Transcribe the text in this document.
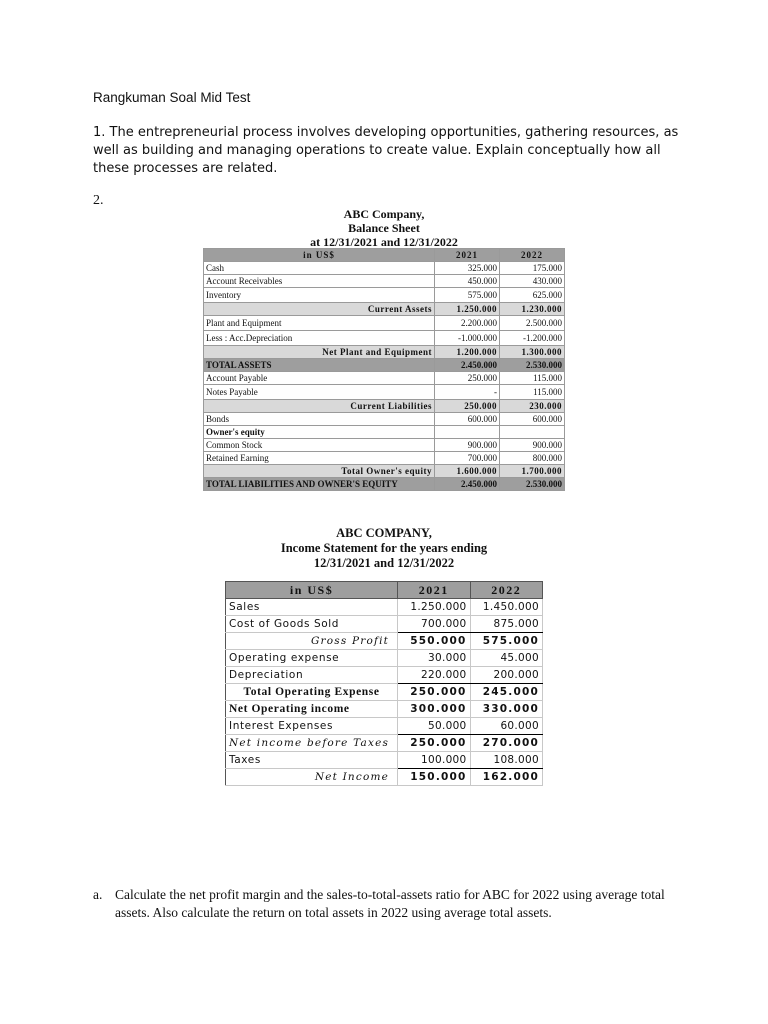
Rangkuman Soal Mid Test
1. The entrepreneurial process involves developing opportunities, gathering resources, as well as building and managing operations to create value. Explain conceptually how all these processes are related.
2.
ABC Company,
Balance Sheet
at 12/31/2021 and 12/31/2022
in US$	2021	2022
Cash	325.000	175.000
Account Receivables	450.000	430.000
Inventory	575.000	625.000
Current Assets	1.250.000	1.230.000
Plant and Equipment	2.200.000	2.500.000
Less : Acc.Depreciation	-1.000.000	-1.200.000
Net Plant and Equipment	1.200.000	1.300.000
TOTAL ASSETS	2.450.000	2.530.000
Account Payable	250.000	115.000
Notes Payable	-	115.000
Current Liabilities	250.000	230.000
Bonds	600.000	600.000
Owner's equity		
Common Stock	900.000	900.000
Retained Earning	700.000	800.000
Total Owner's equity	1.600.000	1.700.000
TOTAL LIABILITIES AND OWNER'S EQUITY	2.450.000	2.530.000
ABC COMPANY,
Income Statement for the years ending
12/31/2021 and 12/31/2022
in US$	2021	2022
Sales	1.250.000	1.450.000
Cost of Goods Sold	700.000	875.000
Gross Profit	550.000	575.000
Operating expense	30.000	45.000
Depreciation	220.000	200.000
Total Operating Expense	250.000	245.000
Net Operating income	300.000	330.000
Interest Expenses	50.000	60.000
Net income before Taxes	250.000	270.000
Taxes	100.000	108.000
Net Income	150.000	162.000
a. Calculate the net profit margin and the sales-to-total-assets ratio for ABC for 2022 using average total assets. Also calculate the return on total assets in 2022 using average total assets.
